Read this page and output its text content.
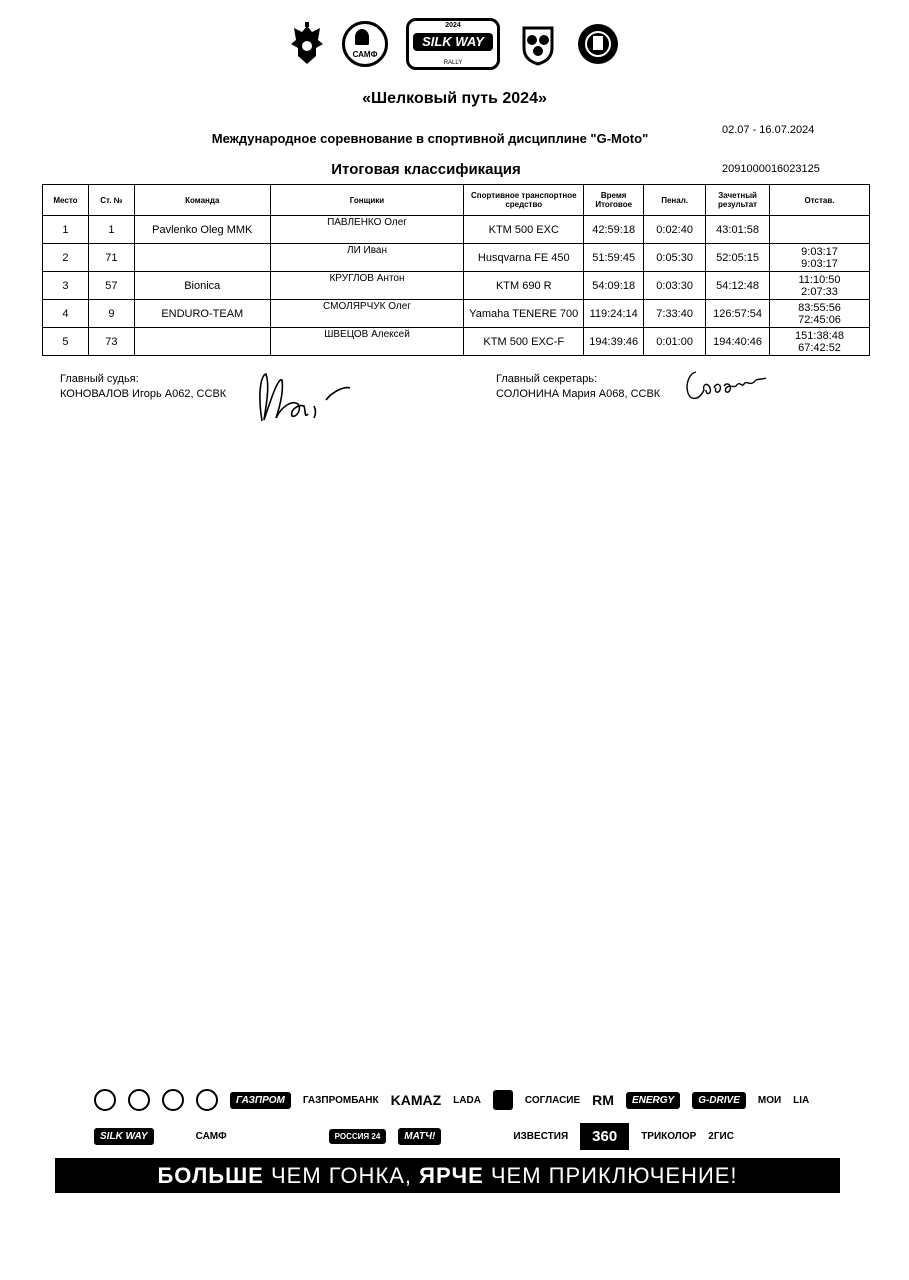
САМФ
2024
SILK WAY
RALLY
«Шелковый путь 2024»
Международное соревнование в спортивной дисциплине "G-Moto"
02.07 - 16.07.2024
Итоговая классификация	2091000016023125
Место	Ст. №	Команда	Гонщики	Спортивное транспортное средство	Время Итоговое	Пенал.	Зачетный результат	Отстав.
1	1	Pavlenko Oleg MMK	ПАВЛЕНКО Олег	KTM 500 EXC	42:59:18	0:02:40	43:01:58	

2	71		ЛИ Иван	Husqvarna FE 450	51:59:45	0:05:30	52:05:15	9:03:17
9:03:17

3	57	Bionica	КРУГЛОВ Антон	KTM 690 R	54:09:18	0:03:30	54:12:48	11:10:50
2:07:33

4	9	ENDURO-TEAM	СМОЛЯРЧУК Олег	Yamaha TENERE 700	119:24:14	7:33:40	126:57:54	83:55:56
72:45:06

5	73		ШВЕЦОВ Алексей	KTM 500 EXC-F	194:39:46	0:01:00	194:40:46	151:38:48
67:42:52
Главный судья:
КОНОВАЛОВ Игорь А062, ССВК
Главный секретарь:
СОЛОНИНА Мария А068, ССВК
ГАЗПРОМ	ГАЗПРОМБАНК KAMAZ LADA	СОГЛАСИЕ RM	ENERGY	G-DRIVE	МОИ LIA
SILK WAY	САМФ	РОССИЯ 24	МАТЧ!	ИЗВЕСТИЯ	360	ТРИКОЛОР 2ГИС
БОЛЬШЕ ЧЕМ ГОНКА, ЯРЧЕ ЧЕМ ПРИКЛЮЧЕНИЕ!
